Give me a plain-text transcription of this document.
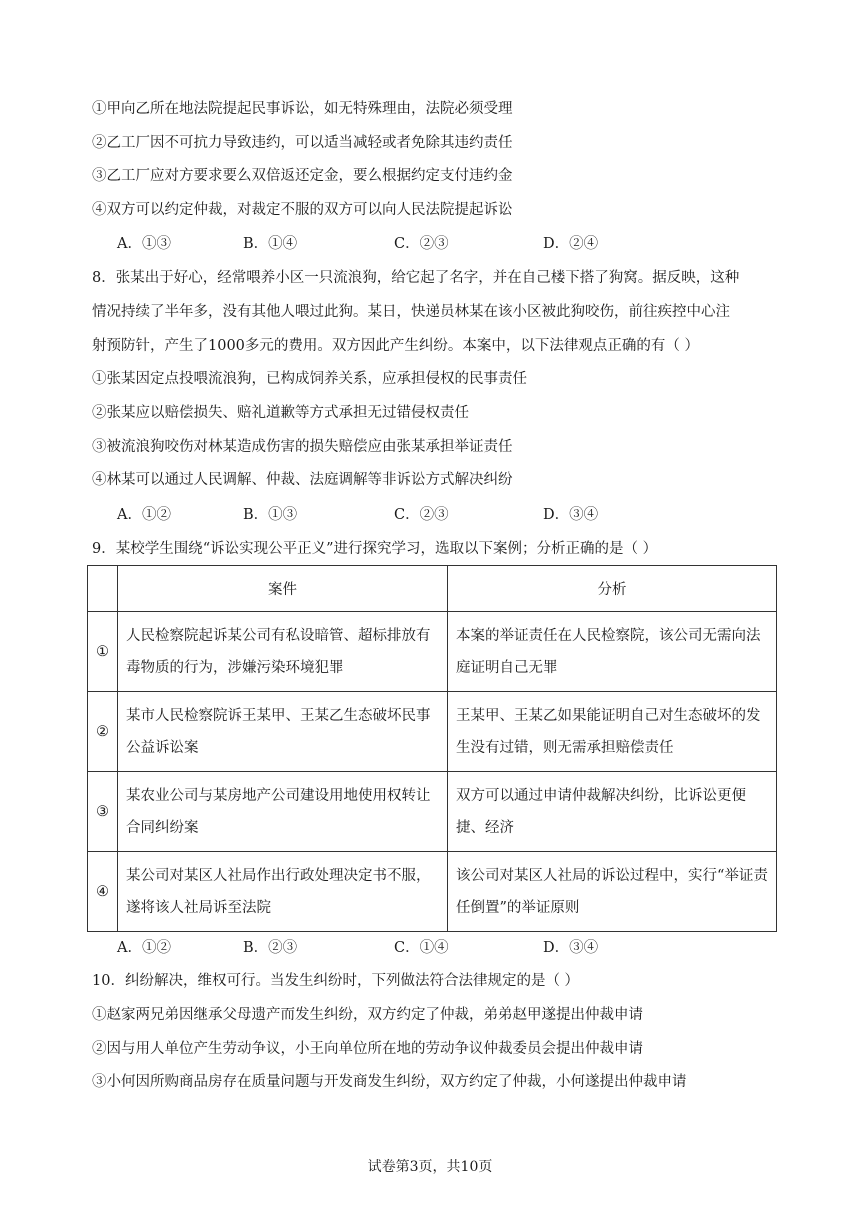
①甲向乙所在地法院提起民事诉讼，如无特殊理由，法院必须受理
②乙工厂因不可抗力导致违约，可以适当减轻或者免除其违约责任
③乙工厂应对方要求要么双倍返还定金，要么根据约定支付违约金
④双方可以约定仲裁，对裁定不服的双方可以向人民法院提起诉讼
A．①③	B．①④	C．②③	D．②④
8．张某出于好心，经常喂养小区一只流浪狗，给它起了名字，并在自己楼下搭了狗窝。据反映，这种
情况持续了半年多，没有其他人喂过此狗。某日，快递员林某在该小区被此狗咬伤，前往疾控中心注
射预防针，产生了1000多元的费用。双方因此产生纠纷。本案中，以下法律观点正确的有（ ）
①张某因定点投喂流浪狗，已构成饲养关系，应承担侵权的民事责任
②张某应以赔偿损失、赔礼道歉等方式承担无过错侵权责任
③被流浪狗咬伤对林某造成伤害的损失赔偿应由张某承担举证责任
④林某可以通过人民调解、仲裁、法庭调解等非诉讼方式解决纠纷
A．①②	B．①③	C．②③	D．③④
9．某校学生围绕“诉讼实现公平正义”进行探究学习，选取以下案例；分析正确的是（ ）
	案件	分析
①	人民检察院起诉某公司有私设暗管、超标排放有毒物质的行为，涉嫌污染环境犯罪	本案的举证责任在人民检察院，该公司无需向法庭证明自己无罪
②	某市人民检察院诉王某甲、王某乙生态破坏民事公益诉讼案	王某甲、王某乙如果能证明自己对生态破坏的发生没有过错，则无需承担赔偿责任
③	某农业公司与某房地产公司建设用地使用权转让合同纠纷案	双方可以通过申请仲裁解决纠纷，比诉讼更便捷、经济
④	某公司对某区人社局作出行政处理决定书不服，遂将该人社局诉至法院	该公司对某区人社局的诉讼过程中，实行“举证责任倒置”的举证原则
A．①②	B．②③	C．①④	D．③④
10．纠纷解决，维权可行。当发生纠纷时，下列做法符合法律规定的是（ ）
①赵家两兄弟因继承父母遗产而发生纠纷，双方约定了仲裁，弟弟赵甲遂提出仲裁申请
②因与用人单位产生劳动争议，小王向单位所在地的劳动争议仲裁委员会提出仲裁申请
③小何因所购商品房存在质量问题与开发商发生纠纷，双方约定了仲裁，小何遂提出仲裁申请
试卷第3页，共10页
